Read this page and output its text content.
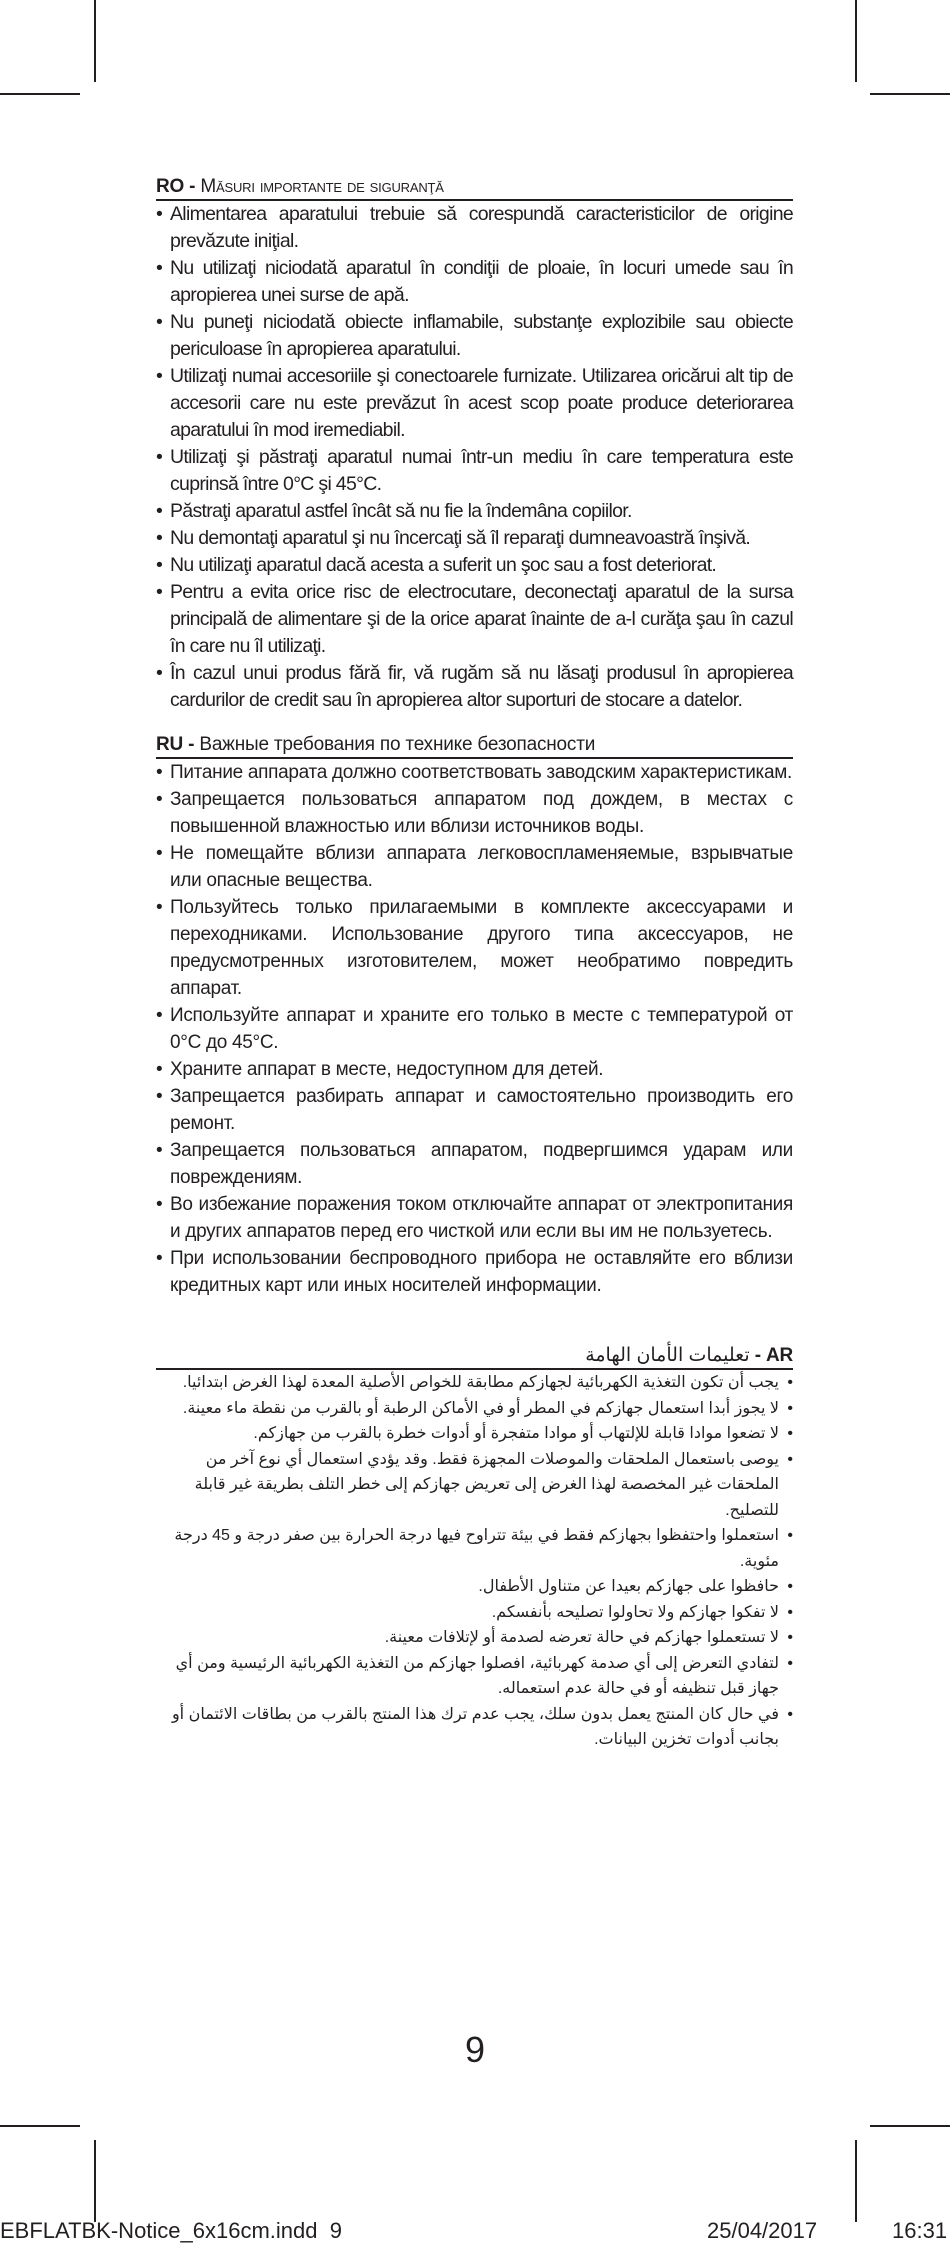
RO - Măsuri importante de siguranţă
• Alimentarea aparatului trebuie să corespundă caracteristicilor de origine prevăzute iniţial.
• Nu utilizaţi niciodată aparatul în condiţii de ploaie, în locuri umede sau în apropierea unei surse de apă.
• Nu puneţi niciodată obiecte inflamabile, substanţe explozibile sau obiecte periculoase în apropierea aparatului.
• Utilizaţi numai accesoriile şi conectoarele furnizate. Utilizarea oricărui alt tip de accesorii care nu este prevăzut în acest scop poate produce deteriorarea aparatului în mod iremediabil.
• Utilizaţi şi păstraţi aparatul numai într-un mediu în care temperatura este cuprinsă între 0°C şi 45°C.
• Păstraţi aparatul astfel încât să nu fie la îndemâna copiilor.
• Nu demontaţi aparatul şi nu încercaţi să îl reparaţi dumneavoastră înşivă.
• Nu utilizaţi aparatul dacă acesta a suferit un şoc sau a fost deteriorat.
• Pentru a evita orice risc de electrocutare, deconectaţi aparatul de la sursa principală de alimentare şi de la orice aparat înainte de a-l curăţa şau în cazul în care nu îl utilizaţi.
• În cazul unui produs fără fir, vă rugăm să nu lăsaţi produsul în apropierea cardurilor de credit sau în apropierea altor suporturi de stocare a datelor.
RU - Важные требования по технике безопасности
• Питание аппарата должно соответствовать заводским характеристикам.
• Запрещается пользоваться аппаратом под дождем, в местах с повышенной влажностью или вблизи источников воды.
• Не помещайте вблизи аппарата легковоспламеняемые, взрывчатые или опасные вещества.
• Пользуйтесь только прилагаемыми в комплекте аксессуарами и переходниками. Использование другого типа аксессуаров, не предусмотренных изготовителем, может необратимо повредить аппарат.
• Используйте аппарат и храните его только в месте с температурой от 0°C до 45°C.
• Храните аппарат в месте, недоступном для детей.
• Запрещается разбирать аппарат и самостоятельно производить его ремонт.
• Запрещается пользоваться аппаратом, подвергшимся ударам или повреждениям.
• Во избежание поражения током отключайте аппарат от электропитания и других аппаратов перед его чисткой или если вы им не пользуетесь.
• При использовании беспроводного прибора не оставляйте его вблизи кредитных карт или иных носителей информации.
AR - تعليمات الأمان الهامة
• يجب أن تكون التغذية الكهربائية لجهازكم مطابقة للخواص الأصلية المعدة لهذا الغرض ابتدائيا.
• لا يجوز أبدا استعمال جهازكم في المطر أو في الأماكن الرطبة أو بالقرب من نقطة ماء معينة.
• لا تضعوا موادا قابلة للإلتهاب أو موادا متفجرة أو أدوات خطرة بالقرب من جهازكم.
• يوصى باستعمال الملحقات والموصلات المجهزة فقط. وقد يؤدي استعمال أي نوع آخر من الملحقات غير المخصصة لهذا الغرض إلى تعريض جهازكم إلى خطر التلف بطريقة غير قابلة للتصليح.
• استعملوا واحتفظوا بجهازكم فقط في بيئة تتراوح فيها درجة الحرارة بين صفر درجة و 45 درجة مئوية.
• حافظوا على جهازكم بعيدا عن متناول الأطفال.
• لا تفكوا جهازكم ولا تحاولوا تصليحه بأنفسكم.
• لا تستعملوا جهازكم في حالة تعرضه لصدمة أو لإتلافات معينة.
• لتفادي التعرض إلى أي صدمة كهربائية، افصلوا جهازكم من التغذية الكهربائية الرئيسية ومن أي جهاز قبل تنظيفه أو في حالة عدم استعماله.
• في حال كان المنتج يعمل بدون سلك، يجب عدم ترك هذا المنتج بالقرب من بطاقات الائتمان أو بجانب أدوات تخزين البيانات.
9
EBFLATBK-Notice_6x16cm.indd 9	25/04/2017	16:31
